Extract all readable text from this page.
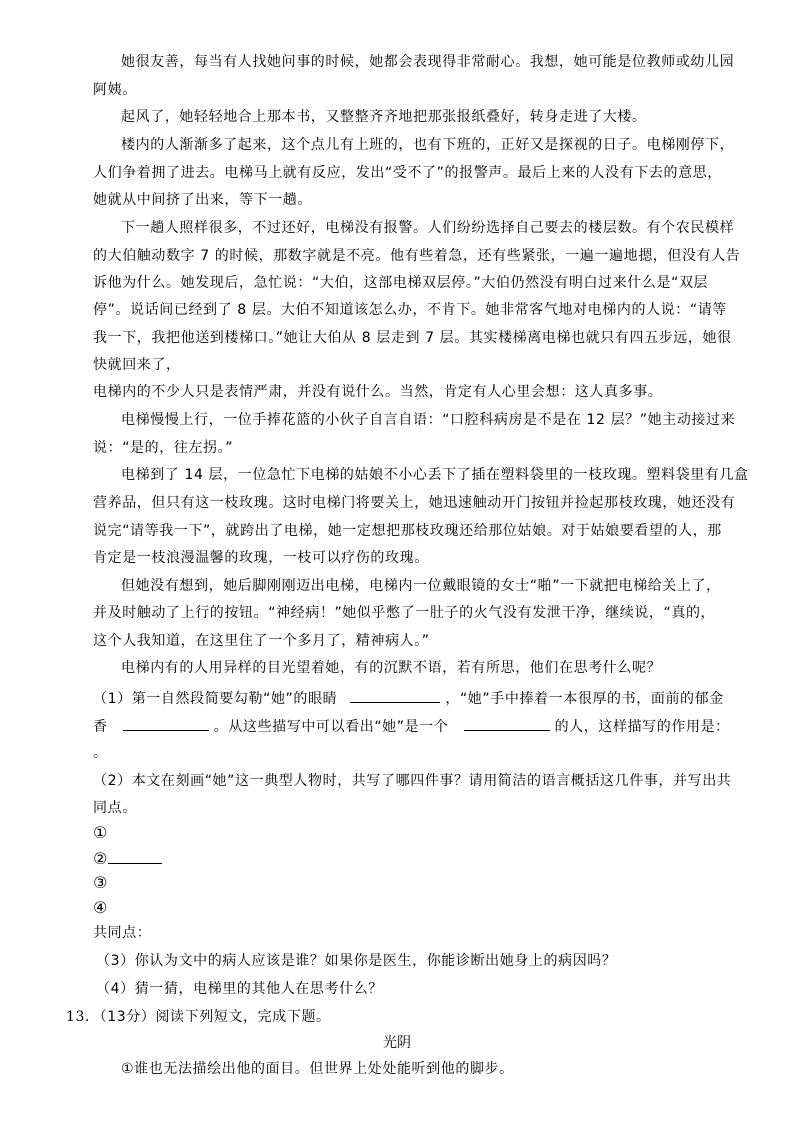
她很友善，每当有人找她问事的时候，她都会表现得非常耐心。我想，她可能是位教师或幼儿园
阿姨。
起风了，她轻轻地合上那本书，又整整齐齐地把那张报纸叠好，转身走进了大楼。
楼内的人渐渐多了起来，这个点儿有上班的，也有下班的，正好又是探视的日子。电梯刚停下，
人们争着拥了进去。电梯马上就有反应，发出“受不了”的报警声。最后上来的人没有下去的意思，
她就从中间挤了出来，等下一趟。
下一趟人照样很多，不过还好，电梯没有报警。人们纷纷选择自己要去的楼层数。有个农民模样
的大伯触动数字 7 的时候，那数字就是不亮。他有些着急，还有些紧张，一遍一遍地摁，但没有人告
诉他为什么。她发现后，急忙说：“大伯，这部电梯双层停。”大伯仍然没有明白过来什么是“双层
停”。说话间已经到了 8 层。大伯不知道该怎么办，不肯下。她非常客气地对电梯内的人说：“请等
我一下，我把他送到楼梯口。”她让大伯从 8 层走到 7 层。其实楼梯离电梯也就只有四五步远，她很
快就回来了，
电梯内的不少人只是表情严肃，并没有说什么。当然，肯定有人心里会想：这人真多事。
电梯慢慢上行，一位手捧花篮的小伙子自言自语：“口腔科病房是不是在 12 层？”她主动接过来
说：“是的，往左拐。”
电梯到了 14 层，一位急忙下电梯的姑娘不小心丢下了插在塑料袋里的一枝玫瑰。塑料袋里有几盒
营养品，但只有这一枝玫瑰。这时电梯门将要关上，她迅速触动开门按钮并捡起那枝玫瑰，她还没有
说完“请等我一下”，就跨出了电梯，她一定想把那枝玫瑰还给那位姑娘。对于姑娘要看望的人，那
肯定是一枝浪漫温馨的玫瑰，一枝可以疗伤的玫瑰。
但她没有想到，她后脚刚刚迈出电梯，电梯内一位戴眼镜的女士“啪”一下就把电梯给关上了，
并及时触动了上行的按钮。“神经病！”她似乎憋了一肚子的火气没有发泄干净，继续说，“真的，
这个人我知道，在这里住了一个多月了，精神病人。”
电梯内有的人用异样的目光望着她，有的沉默不语，若有所思，他们在思考什么呢？
（1）第一自然段简要勾勒“她”的眼睛	，“她”手中捧着一本很厚的书，面前的郁金
香	。从这些描写中可以看出“她”是一个	的人，这样描写的作用是：
。
（2）本文在刻画“她”这一典型人物时，共写了哪四件事？请用简洁的语言概括这几件事，并写出共
同点。
①
②
③
④
共同点：
（3）你认为文中的病人应该是谁？如果你是医生，你能诊断出她身上的病因吗？
（4）猜一猜，电梯里的其他人在思考什么？
13．（13分）阅读下列短文，完成下题。
光阴
①谁也无法描绘出他的面目。但世界上处处能听到他的脚步。
